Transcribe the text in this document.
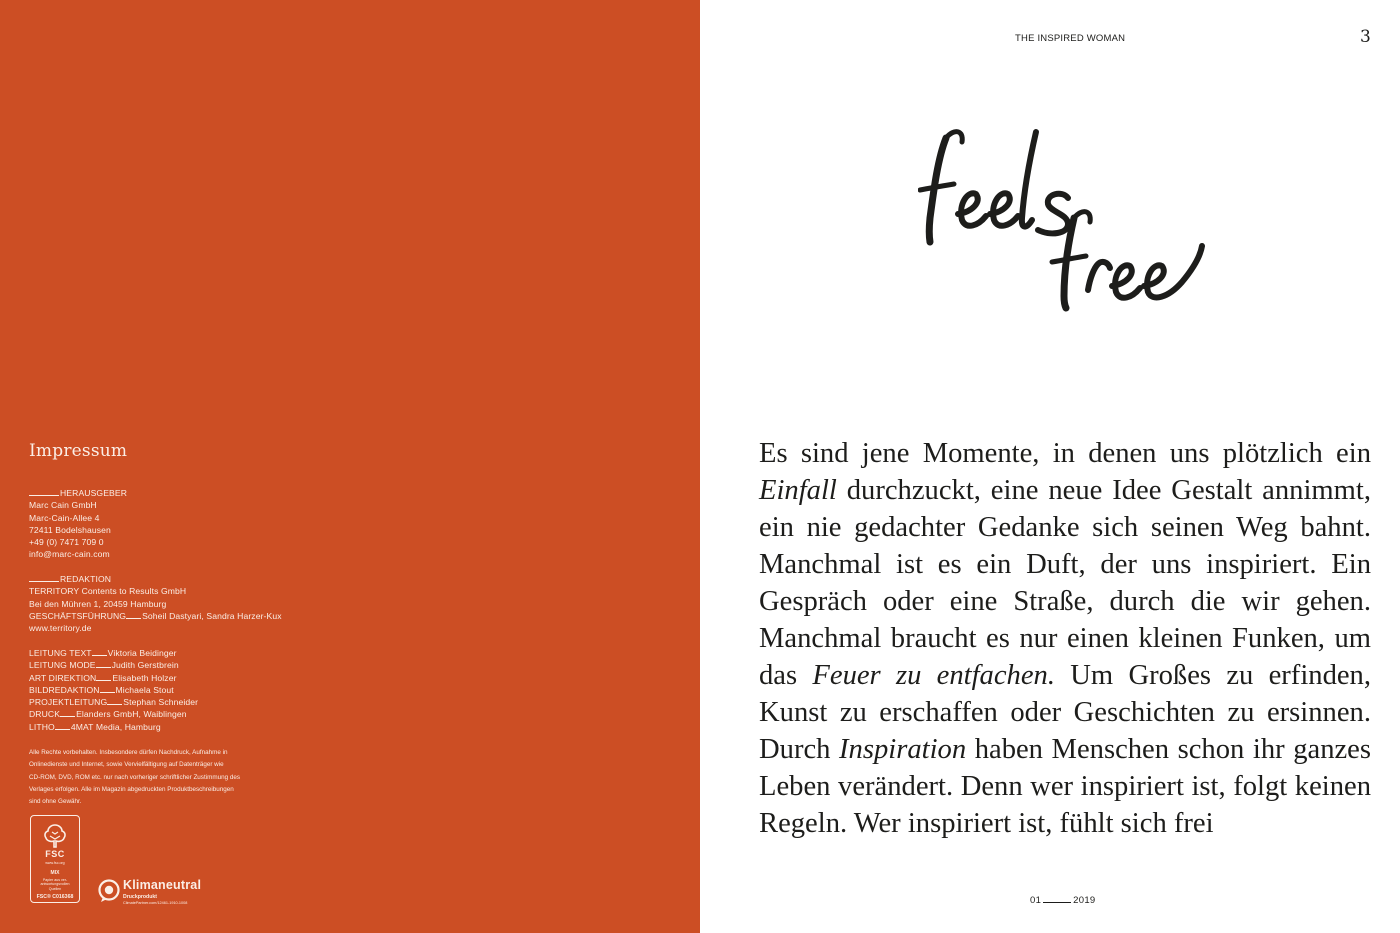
Impressum
HERAUSGEBER
Marc Cain GmbH
Marc-Cain-Allee 4
72411 Bodelshausen
+49 (0) 7471 709 0
info@marc-cain.com
REDAKTION
TERRITORY Contents to Results GmbH
Bei den Mühren 1, 20459 Hamburg
GESCHÄFTSFÜHRUNG Soheil Dastyari, Sandra Harzer-Kux
www.territory.de
LEITUNG TEXT Viktoria Beidinger
LEITUNG MODE Judith Gerstbrein
ART DIREKTION Elisabeth Holzer
BILDREDAKTION Michaela Stout
PROJEKTLEITUNG Stephan Schneider
DRUCK Elanders GmbH, Waiblingen
LITHO 4MAT Media, Hamburg
Alle Rechte vorbehalten. Insbesondere dürfen Nachdruck, Aufnahme in
Onlinedienste und Internet, sowie Vervielfältigung auf Datenträger wie
CD-ROM, DVD, ROM etc. nur nach vorheriger schriftlicher Zustimmung des
Verlages erfolgen. Alle im Magazin abgedruckten Produktbeschreibungen
sind ohne Gewähr.
FSC
www.fsc.org
MIX
Papier aus ver-
antwortungsvollen
Quellen
FSC® C016368
Klimaneutral
Druckprodukt
ClimatePartner.com/12461-1910-1008
THE INSPIRED WOMAN	3

Es sind jene Momente, in denen uns plötzlich ein Einfall durchzuckt, eine neue Idee Gestalt annimmt, ein nie gedachter Gedanke sich seinen Weg bahnt. Manchmal ist es ein Duft, der uns inspiriert. Ein Gespräch oder eine Straße, durch die wir gehen. Manchmal braucht es nur einen kleinen Funken, um das Feuer zu entfachen. Um Großes zu erfinden, Kunst zu erschaffen oder Geschichten zu ersinnen. Durch Inspiration haben Menschen schon ihr ganzes Leben verändert. Denn wer inspiriert ist, folgt keinen Regeln. Wer inspiriert ist, fühlt sich frei

01	2019
